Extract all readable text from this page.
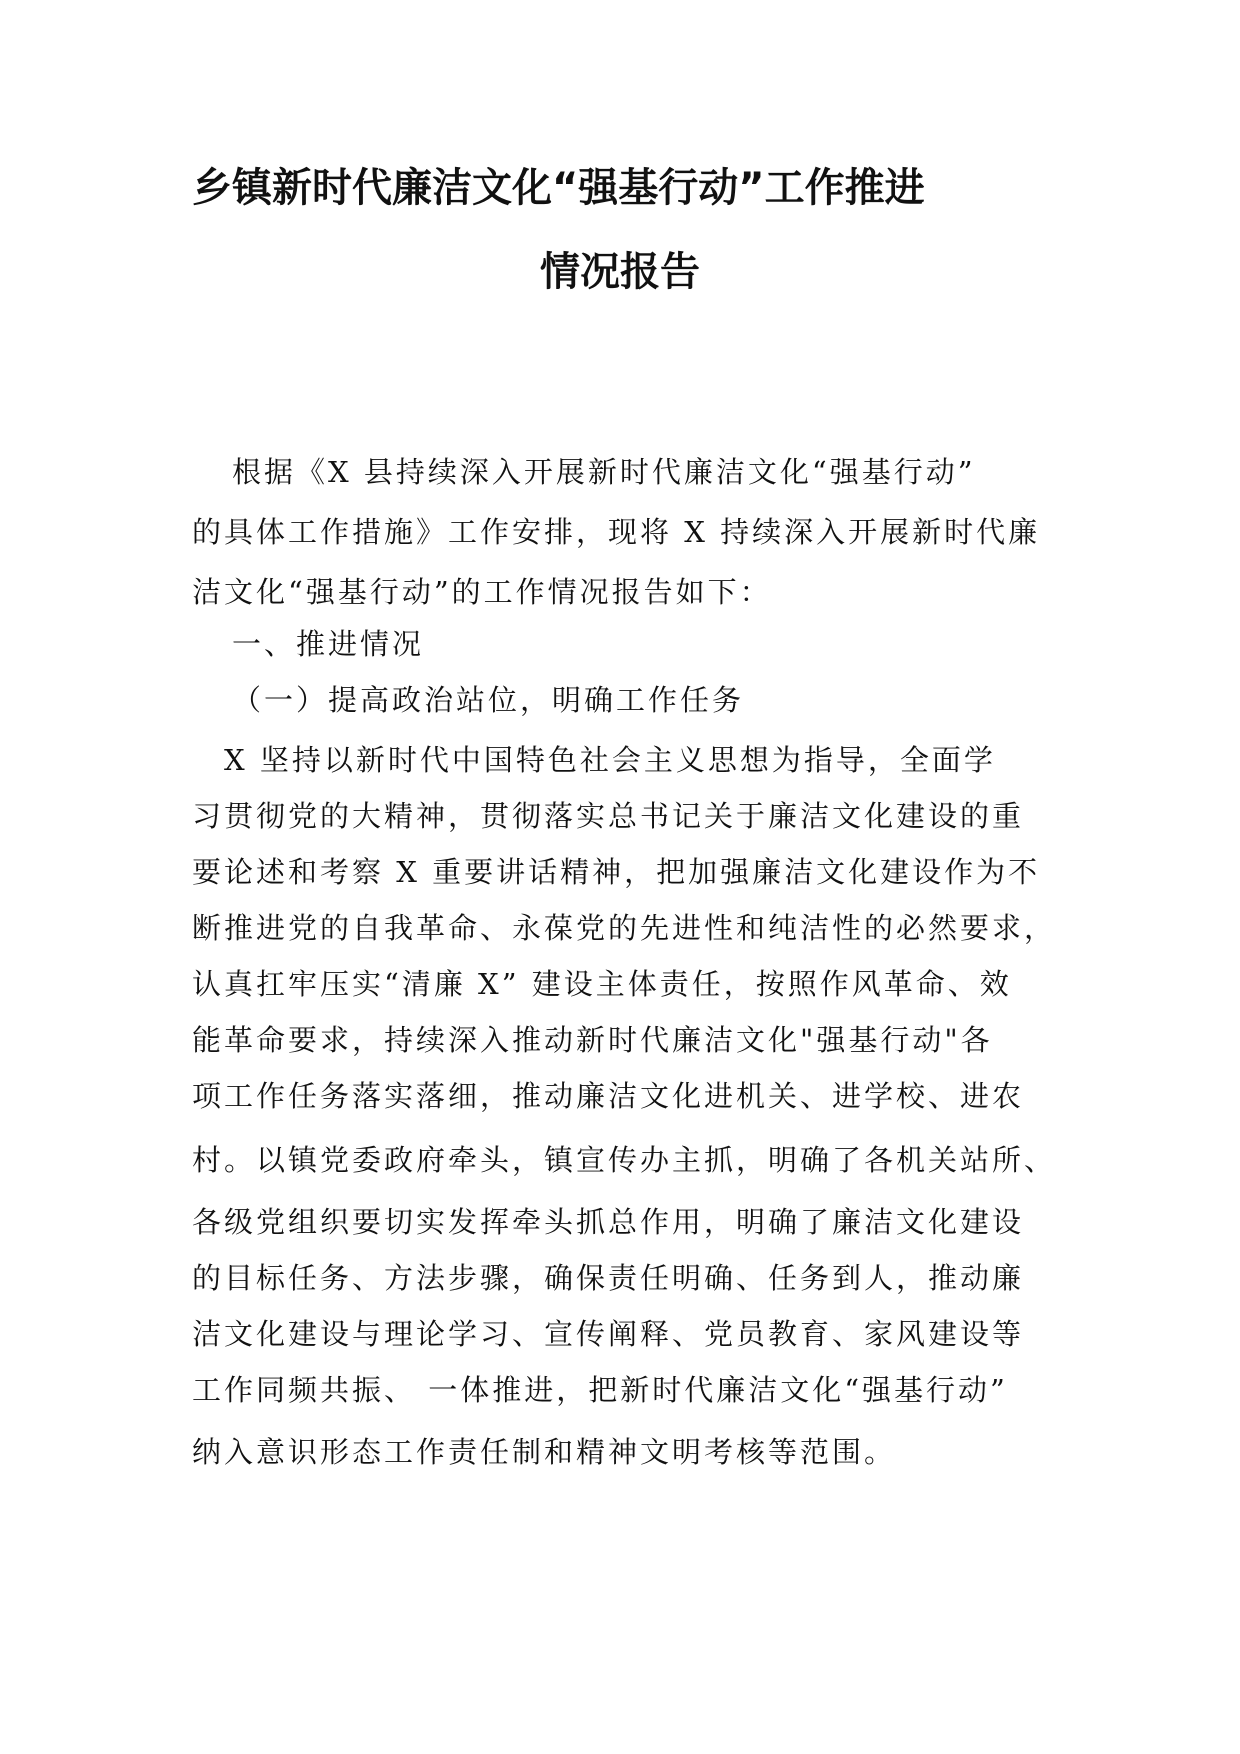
乡镇新时代廉洁文化“强基行动”工作推进
情况报告
根据《X 县持续深入开展新时代廉洁文化“强基行动”
的具体工作措施》工作安排，现将 X 持续深入开展新时代廉
洁文化“强基行动”的工作情况报告如下：
一、推进情况
（一）提高政治站位，明确工作任务
X 坚持以新时代中国特色社会主义思想为指导，全面学
习贯彻党的大精神，贯彻落实总书记关于廉洁文化建设的重
要论述和考察 X 重要讲话精神，把加强廉洁文化建设作为不
断推进党的自我革命、永葆党的先进性和纯洁性的必然要求，
认真扛牢压实“清廉 X” 建设主体责任，按照作风革命、效
能革命要求，持续深入推动新时代廉洁文化"强基行动"各
项工作任务落实落细，推动廉洁文化进机关、进学校、进农
村。以镇党委政府牵头，镇宣传办主抓，明确了各机关站所、
各级党组织要切实发挥牵头抓总作用，明确了廉洁文化建设
的目标任务、方法步骤，确保责任明确、任务到人，推动廉
洁文化建设与理论学习、宣传阐释、党员教育、家风建设等
工作同频共振、 一体推进，把新时代廉洁文化“强基行动”
纳入意识形态工作责任制和精神文明考核等范围。
